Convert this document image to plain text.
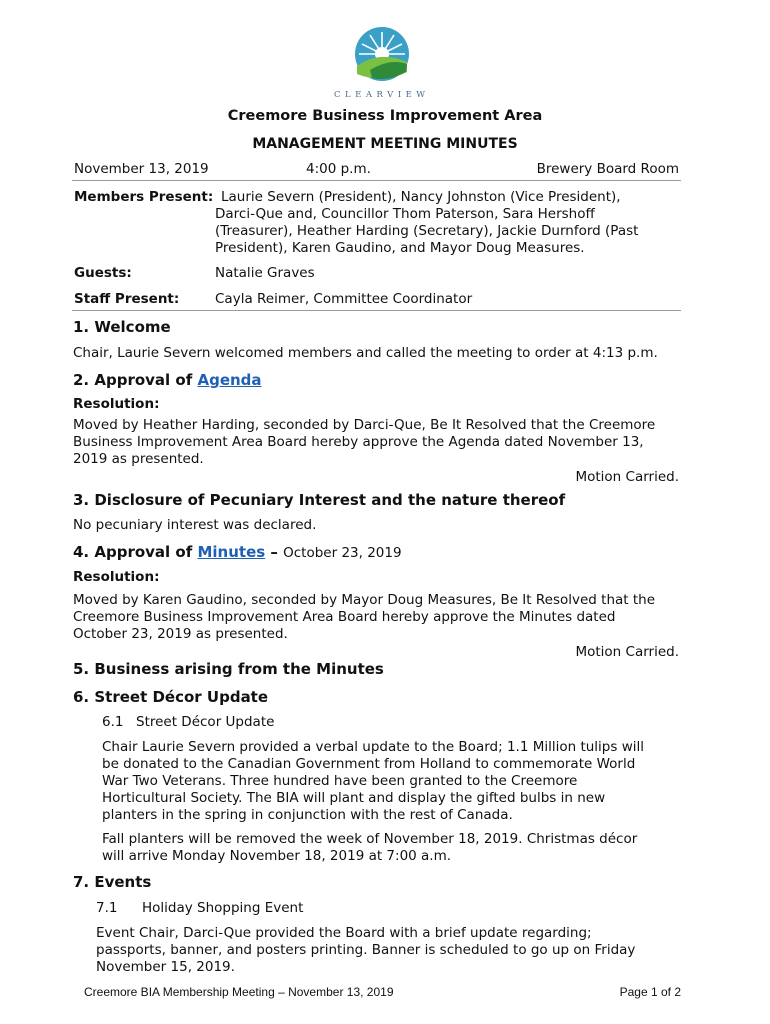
CLEARVIEW
Creemore Business Improvement Area
MANAGEMENT MEETING MINUTES
November 13, 2019	4:00 p.m.	Brewery Board Room
Members Present: Laurie Severn (President), Nancy Johnston (Vice President),
Darci-Que and, Councillor Thom Paterson, Sara Hershoff
(Treasurer), Heather Harding (Secretary), Jackie Durnford (Past
President), Karen Gaudino, and Mayor Doug Measures.
Guests:	Natalie Graves
Staff Present:	Cayla Reimer, Committee Coordinator
1. Welcome
Chair, Laurie Severn welcomed members and called the meeting to order at 4:13 p.m.
2. Approval of Agenda
Resolution:
Moved by Heather Harding, seconded by Darci-Que, Be It Resolved that the Creemore
Business Improvement Area Board hereby approve the Agenda dated November 13,
2019 as presented.
Motion Carried.
3. Disclosure of Pecuniary Interest and the nature thereof
No pecuniary interest was declared.
4. Approval of Minutes – October 23, 2019
Resolution:
Moved by Karen Gaudino, seconded by Mayor Doug Measures, Be It Resolved that the
Creemore Business Improvement Area Board hereby approve the Minutes dated
October 23, 2019 as presented.
Motion Carried.
5. Business arising from the Minutes
6. Street Décor Update
6.1 Street Décor Update
Chair Laurie Severn provided a verbal update to the Board; 1.1 Million tulips will
be donated to the Canadian Government from Holland to commemorate World
War Two Veterans. Three hundred have been granted to the Creemore
Horticultural Society. The BIA will plant and display the gifted bulbs in new
planters in the spring in conjunction with the rest of Canada.
Fall planters will be removed the week of November 18, 2019. Christmas décor
will arrive Monday November 18, 2019 at 7:00 a.m.
7. Events
7.1 Holiday Shopping Event
Event Chair, Darci-Que provided the Board with a brief update regarding;
passports, banner, and posters printing. Banner is scheduled to go up on Friday
November 15, 2019.
Creemore BIA Membership Meeting – November 13, 2019	Page 1 of 2
